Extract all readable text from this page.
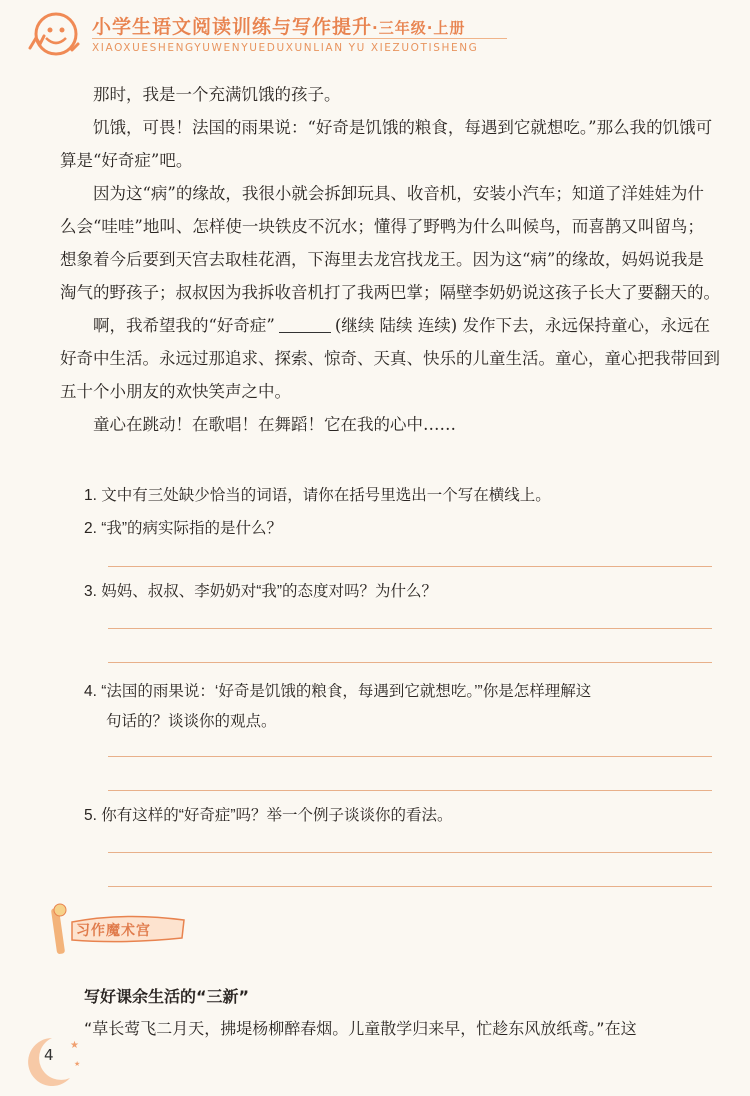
小学生语文阅读训练与写作提升·三年级·上册
XIAOXUESHENGYUWENYUEDUXUNLIAN YU XIEZUOTISHENG

那时，我是一个充满饥饿的孩子。

饥饿，可畏！法国的雨果说：“好奇是饥饿的粮食，每遇到它就想吃。”那么我的饥饿可算是“好奇症”吧。

因为这“病”的缘故，我很小就会拆卸玩具、收音机，安装小汽车；知道了洋娃娃为什么会“哇哇”地叫、怎样使一块铁皮不沉水；懂得了野鸭为什么叫候鸟，而喜鹊又叫留鸟；想象着今后要到天宫去取桂花酒，下海里去龙宫找龙王。因为这“病”的缘故，妈妈说我是淘气的野孩子；叔叔因为我拆收音机打了我两巴掌；隔壁李奶奶说这孩子长大了要翻天的。

啊，我希望我的“好奇症”	(继续 陆续 连续) 发作下去，永远保持童心，永远在好奇中生活。永远过那追求、探索、惊奇、天真、快乐的儿童生活。童心，童心把我带回到五十个小朋友的欢快笑声之中。

童心在跳动！在歌唱！在舞蹈！它在我的心中……

1. 文中有三处缺少恰当的词语，请你在括号里选出一个写在横线上。
2. “我”的病实际指的是什么？
3. 妈妈、叔叔、李奶奶对“我”的态度对吗？为什么？
4. “法国的雨果说：‘好奇是饥饿的粮食，每遇到它就想吃。’”你是怎样理解这
句话的？谈谈你的观点。
5. 你有这样的“好奇症”吗？举一个例子谈谈你的看法。
习作魔术宫
写好课余生活的“三新”
“草长莺飞二月天，拂堤杨柳醉春烟。儿童散学归来早，忙趁东风放纸鸢。”在这
★
★
4
